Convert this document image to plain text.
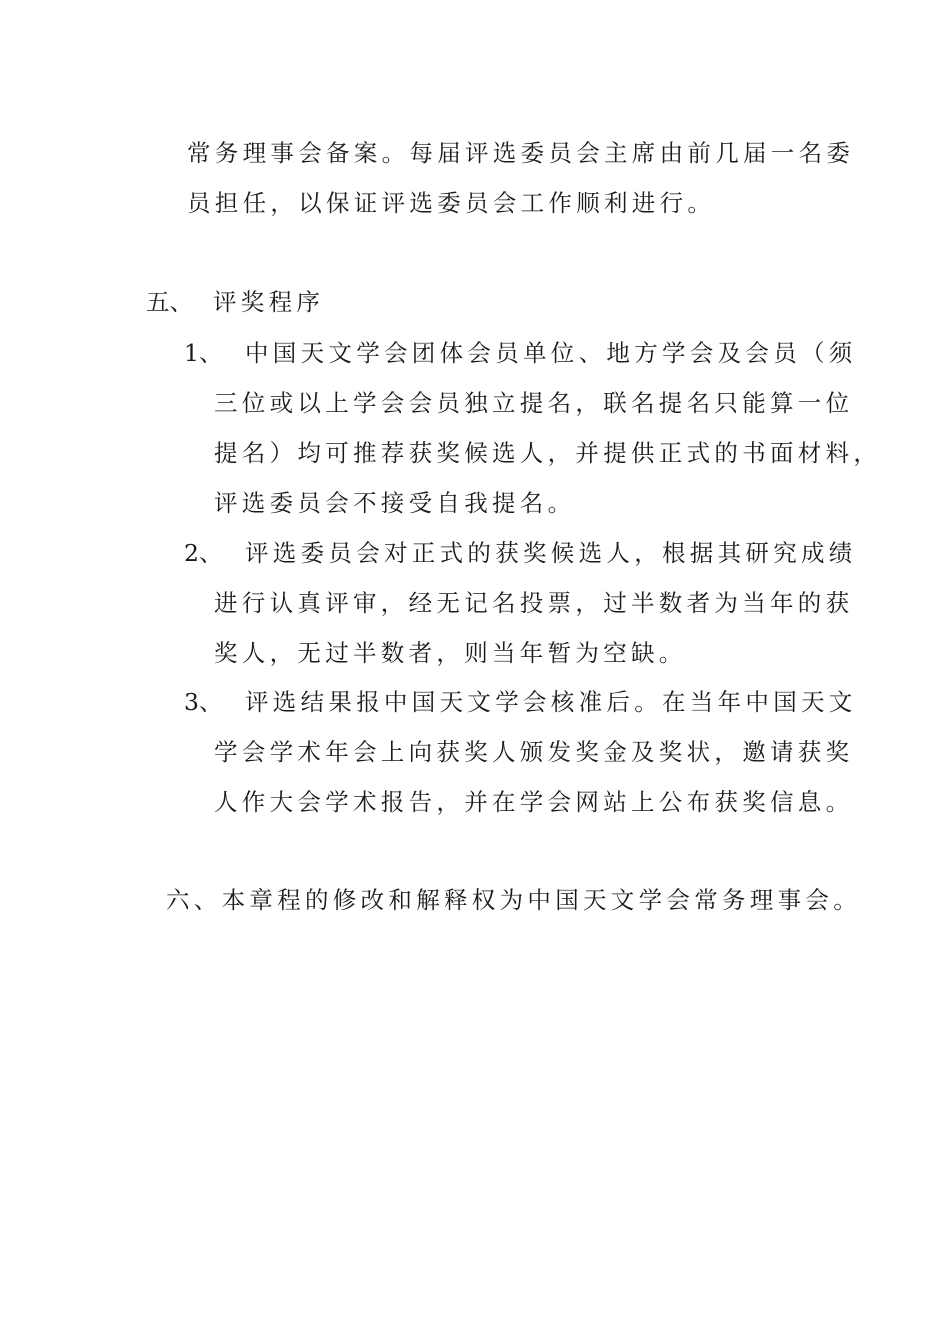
常务理事会备案。每届评选委员会主席由前几届一名委
员担任，以保证评选委员会工作顺利进行。
五、 评奖程序
1、 中国天文学会团体会员单位、地方学会及会员（须
三位或以上学会会员独立提名，联名提名只能算一位
提名）均可推荐获奖候选人，并提供正式的书面材料，
评选委员会不接受自我提名。
2、 评选委员会对正式的获奖候选人，根据其研究成绩
进行认真评审，经无记名投票，过半数者为当年的获
奖人，无过半数者，则当年暂为空缺。
3、 评选结果报中国天文学会核准后。在当年中国天文
学会学术年会上向获奖人颁发奖金及奖状，邀请获奖
人作大会学术报告，并在学会网站上公布获奖信息。
六、本章程的修改和解释权为中国天文学会常务理事会。
